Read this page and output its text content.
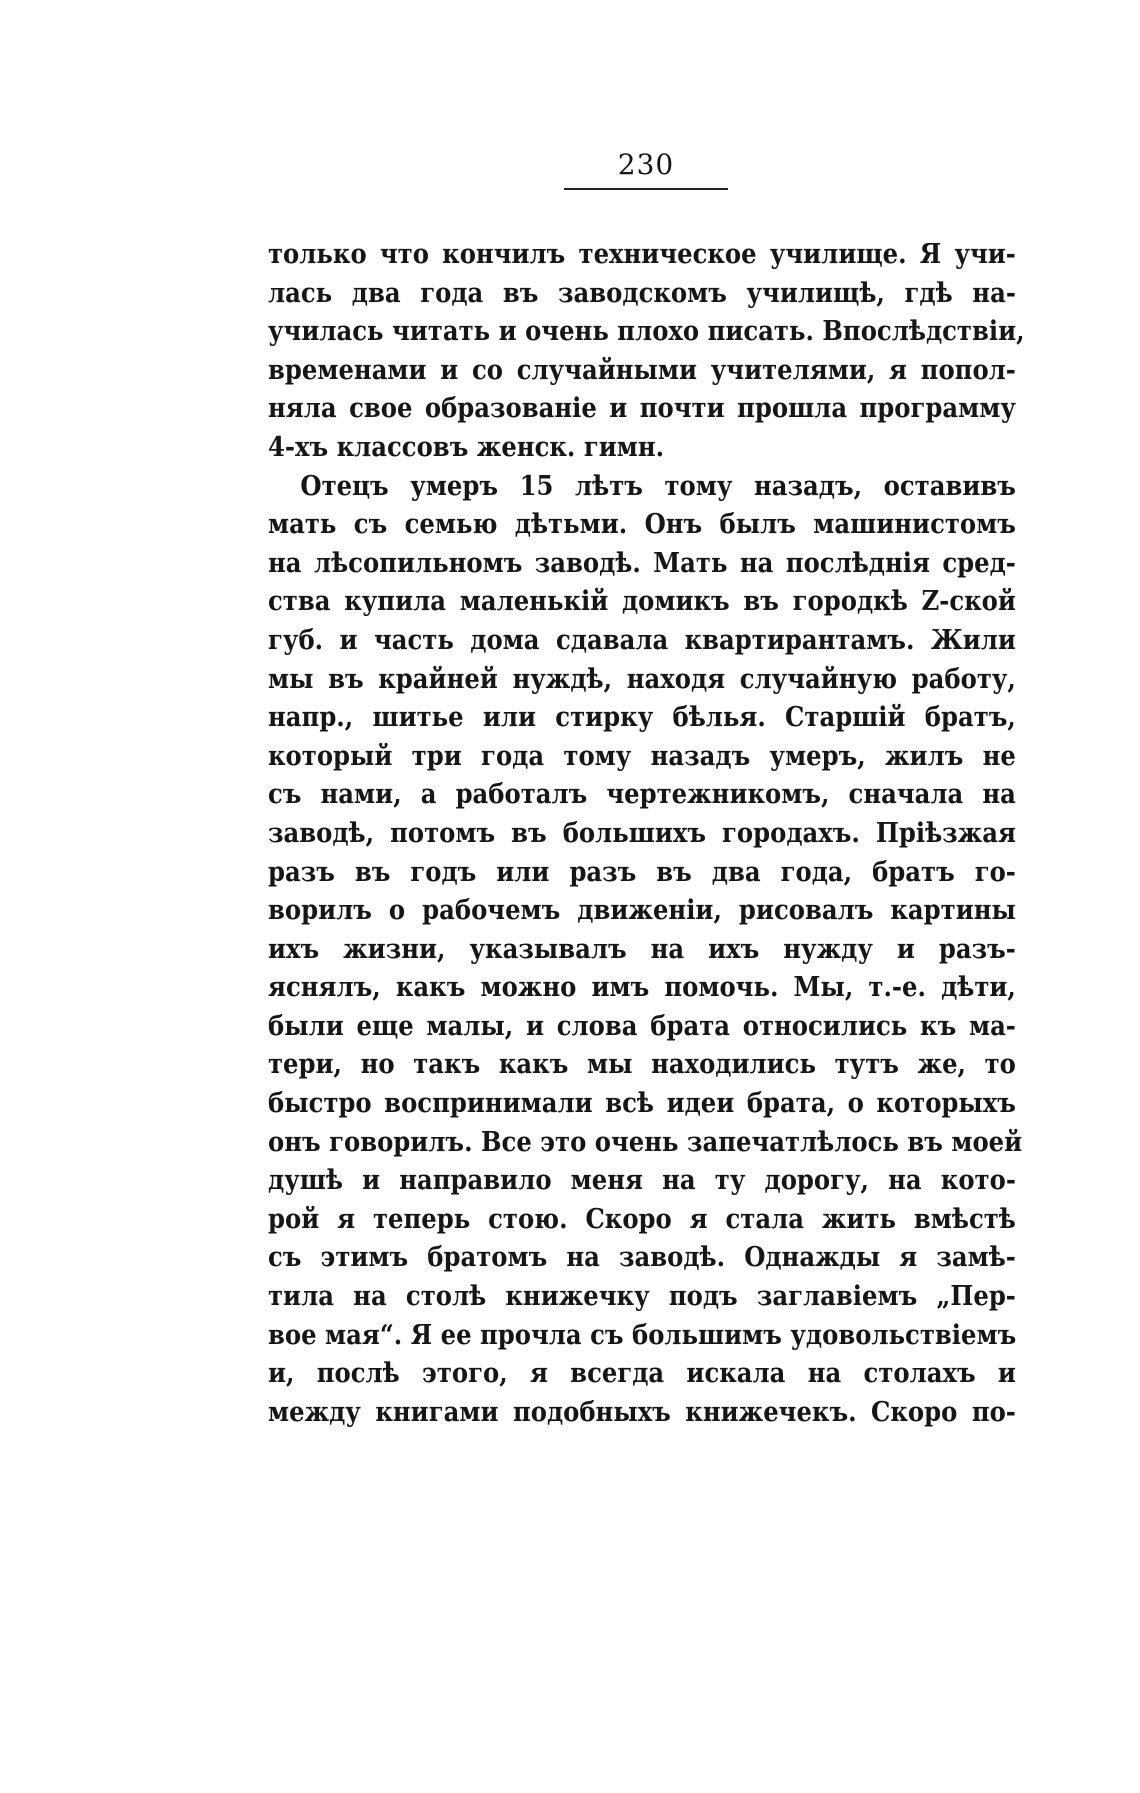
230
только что кончилъ техническое училище. Я учи-
лась два года въ заводскомъ училищѣ, гдѣ на-
училась читать и очень плохо писать. Впослѣдствіи,
временами и со случайными учителями, я попол-
няла свое образованіе и почти прошла программу
4-хъ классовъ женск. гимн.
Отецъ умеръ 15 лѣтъ тому назадъ, оставивъ
мать съ семью дѣтьми. Онъ былъ машинистомъ
на лѣсопильномъ заводѣ. Мать на послѣднія сред-
ства купила маленькій домикъ въ городкѣ Z-ской
губ. и часть дома сдавала квартирантамъ. Жили
мы въ крайней нуждѣ, находя случайную работу,
напр., шитье или стирку бѣлья. Старшій братъ,
который три года тому назадъ умеръ, жилъ не
съ нами, а работалъ чертежникомъ, сначала на
заводѣ, потомъ въ большихъ городахъ. Пріѣзжая
разъ въ годъ или разъ въ два года, братъ го-
ворилъ о рабочемъ движеніи, рисовалъ картины
ихъ жизни, указывалъ на ихъ нужду и разъ-
яснялъ, какъ можно имъ помочь. Мы, т.-е. дѣти,
были еще малы, и слова брата относились къ ма-
тери, но такъ какъ мы находились тутъ же, то
быстро воспринимали всѣ идеи брата, о которыхъ
онъ говорилъ. Все это очень запечатлѣлось въ моей
душѣ и направило меня на ту дорогу, на кото-
рой я теперь стою. Скоро я стала жить вмѣстѣ
съ этимъ братомъ на заводѣ. Однажды я замѣ-
тила на столѣ книжечку подъ заглавіемъ „Пер-
вое мая“. Я ее прочла съ большимъ удовольствіемъ
и, послѣ этого, я всегда искала на столахъ и
между книгами подобныхъ книжечекъ. Скоро по-
